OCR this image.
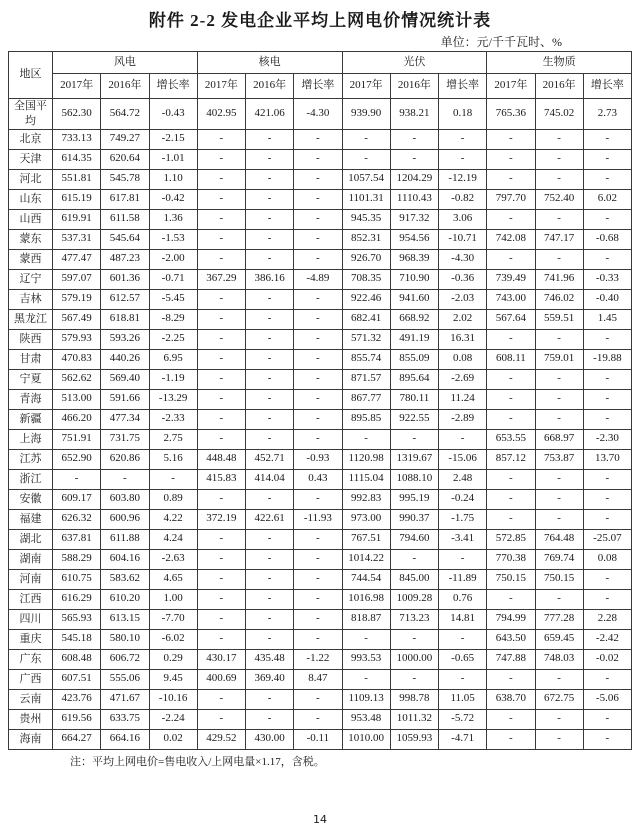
附件 2-2 发电企业平均上网电价情况统计表
单位：元/千千瓦时、%
地区	风电			核电			光伏			生物质		
	2017年	2016年	增长率	2017年	2016年	增长率	2017年	2016年	增长率	2017年	2016年	增长率
全国平均	562.30	564.72	-0.43	402.95	421.06	-4.30	939.90	938.21	0.18	765.36	745.02	2.73
北京	733.13	749.27	-2.15	-	-	-	-	-	-	-	-	-
天津	614.35	620.64	-1.01	-	-	-	-	-	-	-	-	-
河北	551.81	545.78	1.10	-	-	-	1057.54	1204.29	-12.19	-	-	-
山东	615.19	617.81	-0.42	-	-	-	1101.31	1110.43	-0.82	797.70	752.40	6.02
山西	619.91	611.58	1.36	-	-	-	945.35	917.32	3.06	-	-	-
蒙东	537.31	545.64	-1.53	-	-	-	852.31	954.56	-10.71	742.08	747.17	-0.68
蒙西	477.47	487.23	-2.00	-	-	-	926.70	968.39	-4.30	-	-	-
辽宁	597.07	601.36	-0.71	367.29	386.16	-4.89	708.35	710.90	-0.36	739.49	741.96	-0.33
吉林	579.19	612.57	-5.45	-	-	-	922.46	941.60	-2.03	743.00	746.02	-0.40
黑龙江	567.49	618.81	-8.29	-	-	-	682.41	668.92	2.02	567.64	559.51	1.45
陕西	579.93	593.26	-2.25	-	-	-	571.32	491.19	16.31	-	-	-
甘肃	470.83	440.26	6.95	-	-	-	855.74	855.09	0.08	608.11	759.01	-19.88
宁夏	562.62	569.40	-1.19	-	-	-	871.57	895.64	-2.69	-	-	-
青海	513.00	591.66	-13.29	-	-	-	867.77	780.11	11.24	-	-	-
新疆	466.20	477.34	-2.33	-	-	-	895.85	922.55	-2.89	-	-	-
上海	751.91	731.75	2.75	-	-	-	-	-	-	653.55	668.97	-2.30
江苏	652.90	620.86	5.16	448.48	452.71	-0.93	1120.98	1319.67	-15.06	857.12	753.87	13.70
浙江	-	-	-	415.83	414.04	0.43	1115.04	1088.10	2.48	-	-	-
安徽	609.17	603.80	0.89	-	-	-	992.83	995.19	-0.24	-	-	-
福建	626.32	600.96	4.22	372.19	422.61	-11.93	973.00	990.37	-1.75	-	-	-
湖北	637.81	611.88	4.24	-	-	-	767.51	794.60	-3.41	572.85	764.48	-25.07
湖南	588.29	604.16	-2.63	-	-	-	1014.22	-	-	770.38	769.74	0.08
河南	610.75	583.62	4.65	-	-	-	744.54	845.00	-11.89	750.15	750.15	-
江西	616.29	610.20	1.00	-	-	-	1016.98	1009.28	0.76	-	-	-
四川	565.93	613.15	-7.70	-	-	-	818.87	713.23	14.81	794.99	777.28	2.28
重庆	545.18	580.10	-6.02	-	-	-	-	-	-	643.50	659.45	-2.42
广东	608.48	606.72	0.29	430.17	435.48	-1.22	993.53	1000.00	-0.65	747.88	748.03	-0.02
广西	607.51	555.06	9.45	400.69	369.40	8.47	-	-	-	-	-	-
云南	423.76	471.67	-10.16	-	-	-	1109.13	998.78	11.05	638.70	672.75	-5.06
贵州	619.56	633.75	-2.24	-	-	-	953.48	1011.32	-5.72	-	-	-
海南	664.27	664.16	0.02	429.52	430.00	-0.11	1010.00	1059.93	-4.71	-	-	-
注：平均上网电价=售电收入/上网电量×1.17，含税。
14
